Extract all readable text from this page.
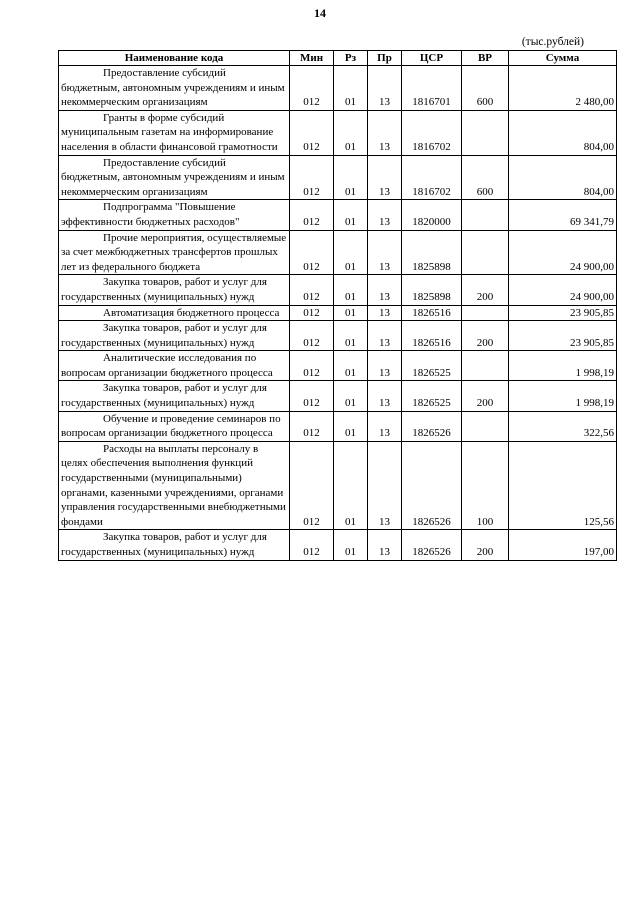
14
(тыс.рублей)
Наименование кода	Мин	Рз	Пр	ЦСР	ВР	Сумма
Предоставление субсидий бюджетным, автономным учреждениям и иным некоммерческим организациям	012	01	13	1816701	600	2 480,00
Гранты в форме субсидий муниципальным газетам на информирование населения в области финансовой грамотности	012	01	13	1816702		804,00
Предоставление субсидий бюджетным, автономным учреждениям и иным некоммерческим организациям	012	01	13	1816702	600	804,00
Подпрограмма "Повышение эффективности бюджетных расходов"	012	01	13	1820000		69 341,79
Прочие мероприятия, осуществляемые за счет межбюджетных трансфертов прошлых лет из федерального бюджета	012	01	13	1825898		24 900,00
Закупка товаров, работ и услуг для государственных (муниципальных) нужд	012	01	13	1825898	200	24 900,00
Автоматизация бюджетного процесса	012	01	13	1826516		23 905,85
Закупка товаров, работ и услуг для государственных (муниципальных) нужд	012	01	13	1826516	200	23 905,85
Аналитические исследования по вопросам организации бюджетного процесса	012	01	13	1826525		1 998,19
Закупка товаров, работ и услуг для государственных (муниципальных) нужд	012	01	13	1826525	200	1 998,19
Обучение и проведение семинаров по вопросам организации бюджетного процесса	012	01	13	1826526		322,56
Расходы на выплаты персоналу в целях обеспечения выполнения функций государственными (муниципальными) органами, казенными учреждениями, органами управления государственными внебюджетными фондами	012	01	13	1826526	100	125,56
Закупка товаров, работ и услуг для государственных (муниципальных) нужд	012	01	13	1826526	200	197,00
